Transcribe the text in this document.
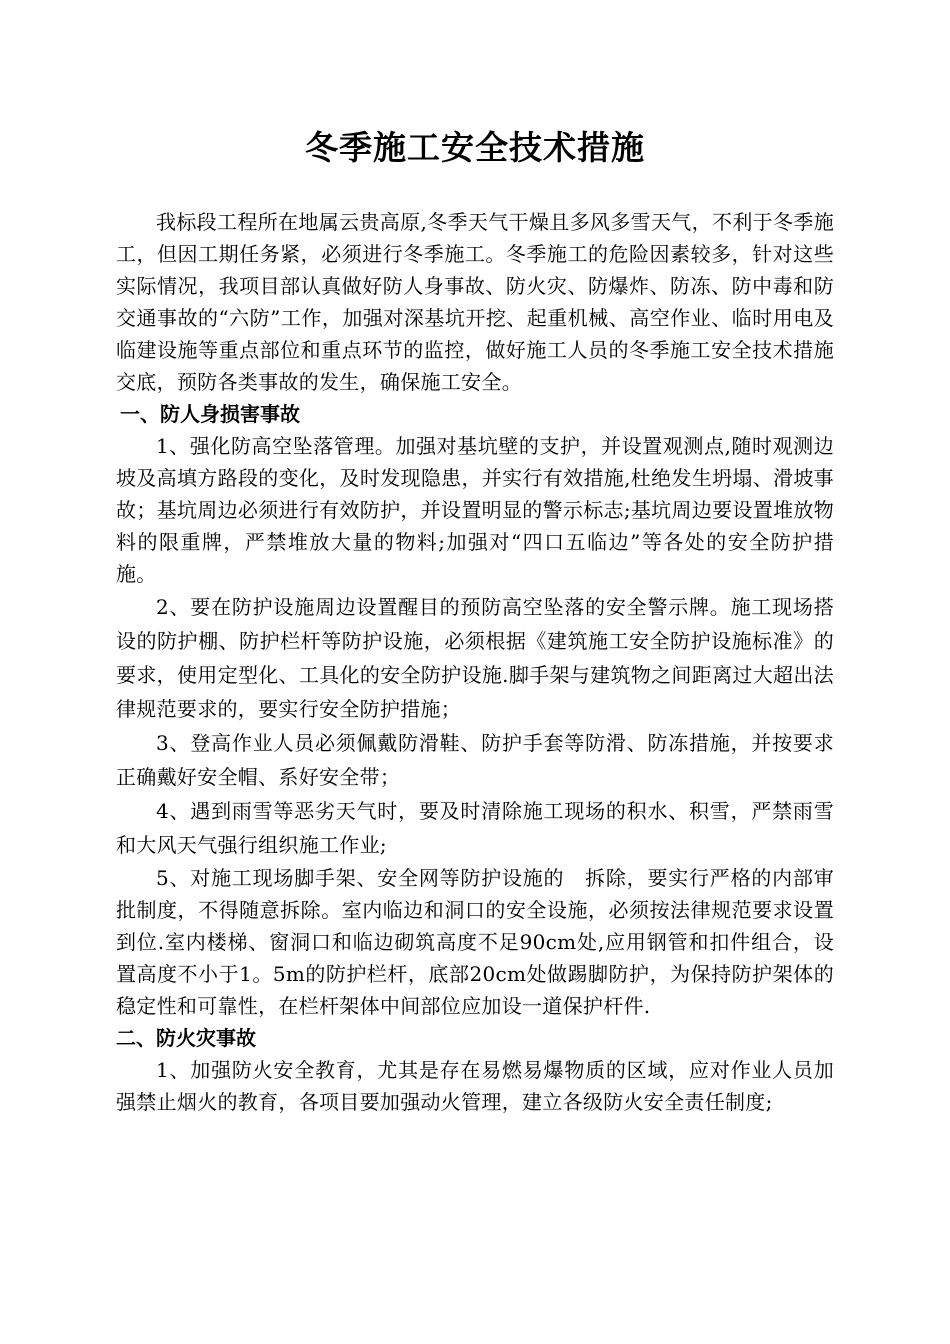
冬季施工安全技术措施

我标段工程所在地属云贵高原,冬季天气干燥且多风多雪天气，不利于冬季施工，但因工期任务紧，必须进行冬季施工。冬季施工的危险因素较多，针对这些实际情况，我项目部认真做好防人身事故、防火灾、防爆炸、防冻、防中毒和防交通事故的“六防”工作，加强对深基坑开挖、起重机械、高空作业、临时用电及临建设施等重点部位和重点环节的监控，做好施工人员的冬季施工安全技术措施交底，预防各类事故的发生，确保施工安全。

一、防人身损害事故

1、强化防高空坠落管理。加强对基坑壁的支护，并设置观测点,随时观测边坡及高填方路段的变化，及时发现隐患，并实行有效措施,杜绝发生坍塌、滑坡事故；基坑周边必须进行有效防护，并设置明显的警示标志;基坑周边要设置堆放物料的限重牌，严禁堆放大量的物料;加强对“四口五临边”等各处的安全防护措施。

2、要在防护设施周边设置醒目的预防高空坠落的安全警示牌。施工现场搭设的防护棚、防护栏杆等防护设施，必须根据《建筑施工安全防护设施标准》的要求，使用定型化、工具化的安全防护设施.脚手架与建筑物之间距离过大超出法律规范要求的，要实行安全防护措施；

3、登高作业人员必须佩戴防滑鞋、防护手套等防滑、防冻措施，并按要求正确戴好安全帽、系好安全带；

4、遇到雨雪等恶劣天气时，要及时清除施工现场的积水、积雪，严禁雨雪和大风天气强行组织施工作业;

5、对施工现场脚手架、安全网等防护设施的　拆除，要实行严格的内部审批制度，不得随意拆除。室内临边和洞口的安全设施，必须按法律规范要求设置到位.室内楼梯、窗洞口和临边砌筑高度不足90cm处,应用钢管和扣件组合，设置高度不小于1。5m的防护栏杆，底部20cm处做踢脚防护，为保持防护架体的稳定性和可靠性，在栏杆架体中间部位应加设一道保护杆件.

二、防火灾事故

1、加强防火安全教育，尤其是存在易燃易爆物质的区域，应对作业人员加强禁止烟火的教育，各项目要加强动火管理，建立各级防火安全责任制度;
